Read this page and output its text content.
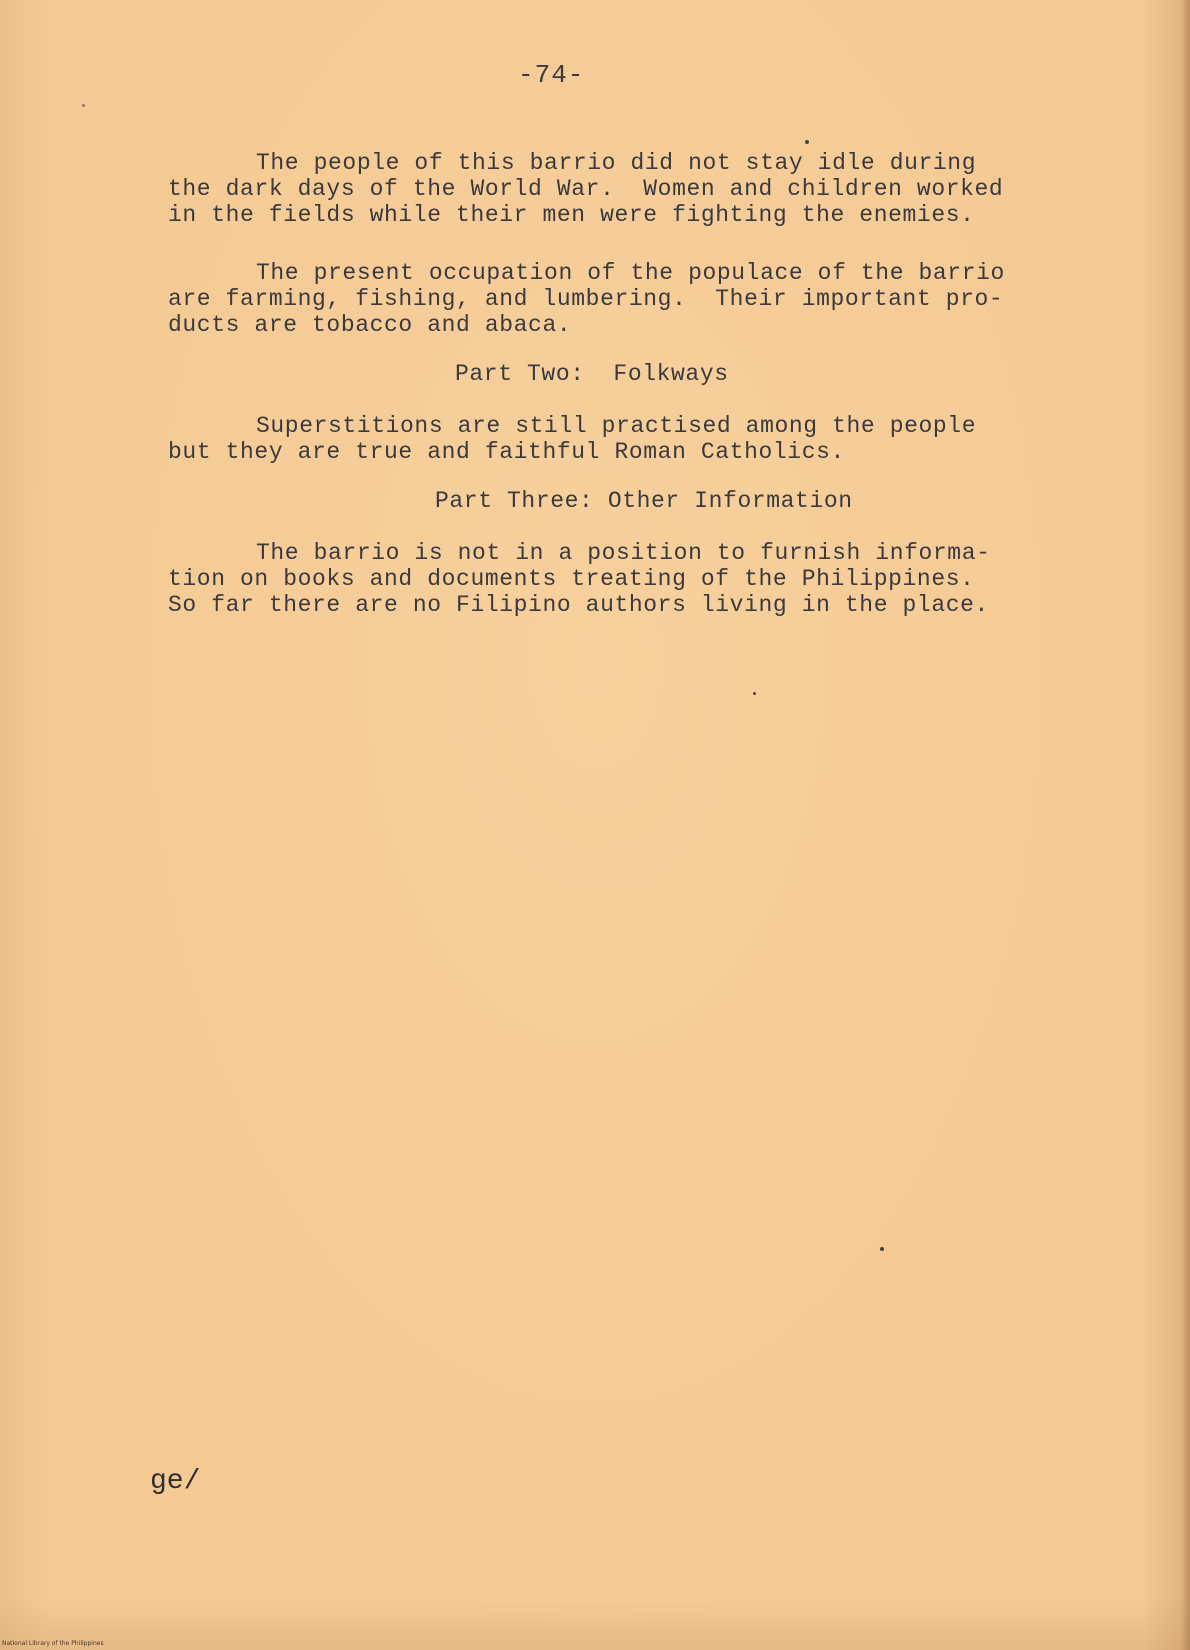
-74-

The people of this barrio did not stay idle during
the dark days of the World War.  Women and children worked
in the fields while their men were fighting the enemies.

The present occupation of the populace of the barrio
are farming, fishing, and lumbering.  Their important pro-
ducts are tobacco and abaca.

Part Two:  Folkways

Superstitions are still practised among the people
but they are true and faithful Roman Catholics.

Part Three: Other Information

The barrio is not in a position to furnish informa-
tion on books and documents treating of the Philippines.
So far there are no Filipino authors living in the place.

ge/
National Library of the Philippines
